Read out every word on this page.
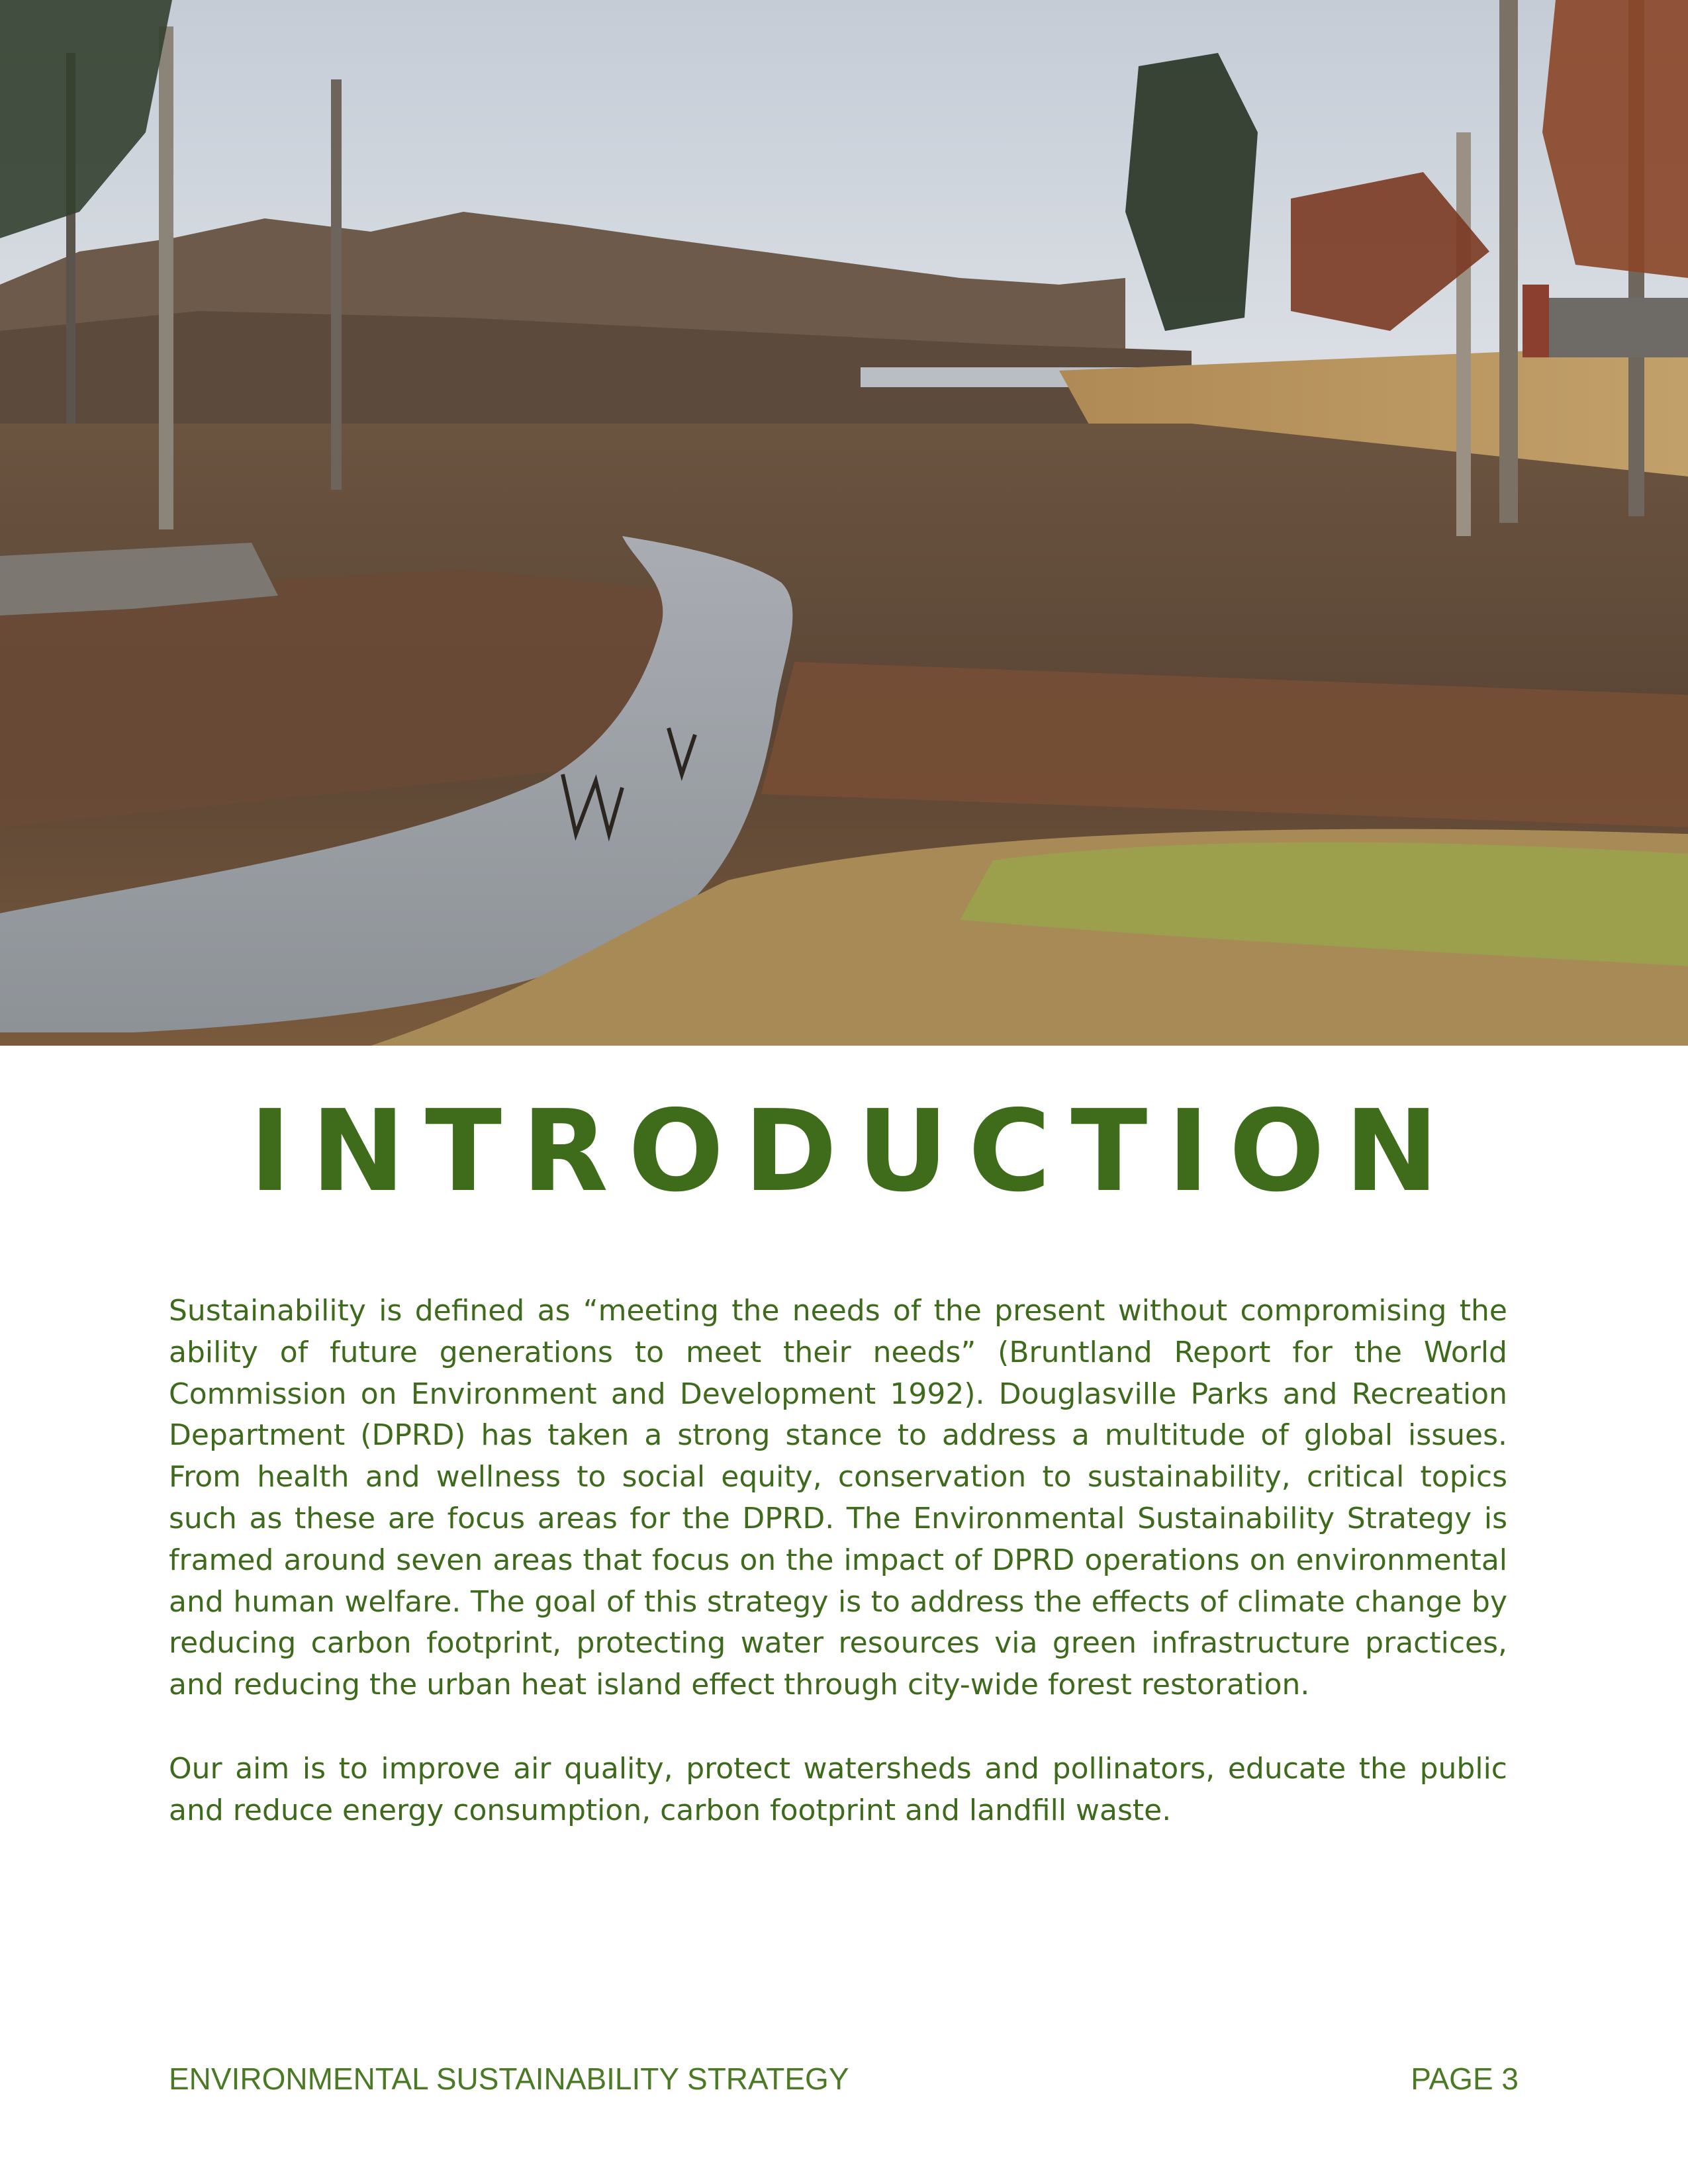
INTRODUCTION

Sustainability is defined as “meeting the needs of the present without compromising the ability of future generations to meet their needs” (Bruntland Report for the World Commission on Environment and Development 1992). Douglasville Parks and Recreation Department (DPRD) has taken a strong stance to address a multitude of global issues. From health and wellness to social equity, conservation to sustainability, critical topics such as these are focus areas for the DPRD. The Environmental Sustainability Strategy is framed around seven areas that focus on the impact of DPRD operations on environmental and human welfare. The goal of this strategy is to address the effects of climate change by reducing carbon footprint, protecting water resources via green infrastructure practices, and reducing the urban heat island effect through city-wide forest restoration.

Our aim is to improve air quality, protect watersheds and pollinators, educate the public and reduce energy consumption, carbon footprint and landfill waste.

ENVIRONMENTAL SUSTAINABILITY STRATEGY	PAGE 3
